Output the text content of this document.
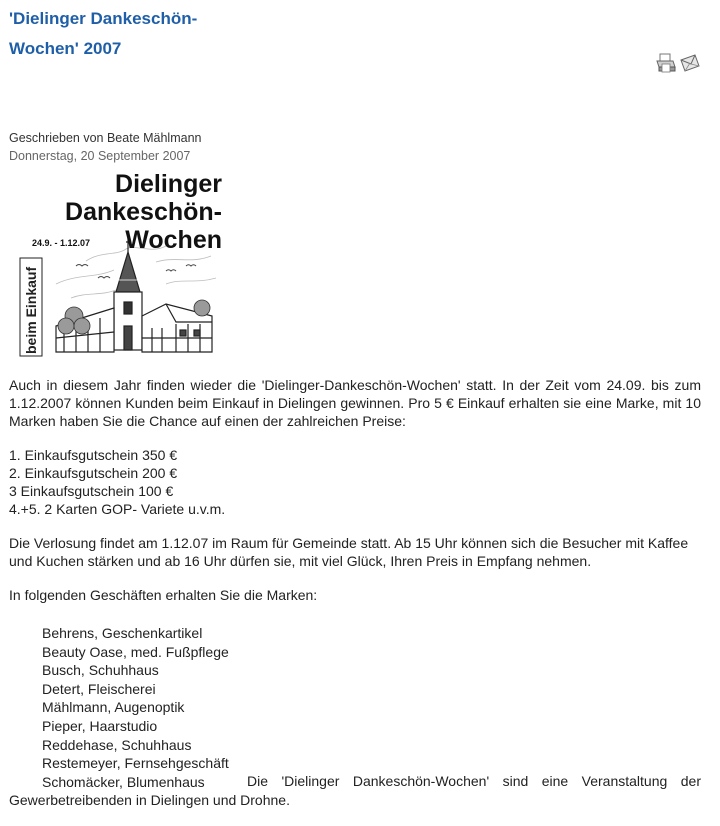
'Dielinger Dankeschön-Wochen' 2007
Geschrieben von Beate Mählmann
Donnerstag, 20 September 2007
beim Einkauf
Dielinger
Dankeschön-
24.9. - 1.12.07 Wochen

Auch in diesem Jahr finden wieder die 'Dielinger-Dankeschön-Wochen' statt. In der Zeit vom 24.09. bis zum 1.12.2007 können Kunden beim Einkauf in Dielingen gewinnen. Pro 5 € Einkauf erhalten sie eine Marke, mit 10 Marken haben Sie die Chance auf einen der zahlreichen Preise:

1. Einkaufsgutschein 350 €
2. Einkaufsgutschein 200 €
3 Einkaufsgutschein 100 €
4.+5. 2 Karten GOP- Variete u.v.m.

Die Verlosung findet am 1.12.07 im Raum für Gemeinde statt. Ab 15 Uhr können sich die Besucher mit Kaffee und Kuchen stärken und ab 16 Uhr dürfen sie, mit viel Glück, Ihren Preis in Empfang nehmen.

In folgenden Geschäften erhalten Sie die Marken:

Behrens, Geschenkartikel
Beauty Oase, med. Fußpflege
Busch, Schuhhaus
Detert, Fleischerei
Mählmann, Augenoptik
Pieper, Haarstudio
Reddehase, Schuhhaus
Restemeyer, Fernsehgeschäft
Schomäcker, Blumenhaus	Die 'Dielinger Dankeschön-Wochen' sind eine Veranstaltung der Gewerbetreibenden in Dielingen und Drohne.
